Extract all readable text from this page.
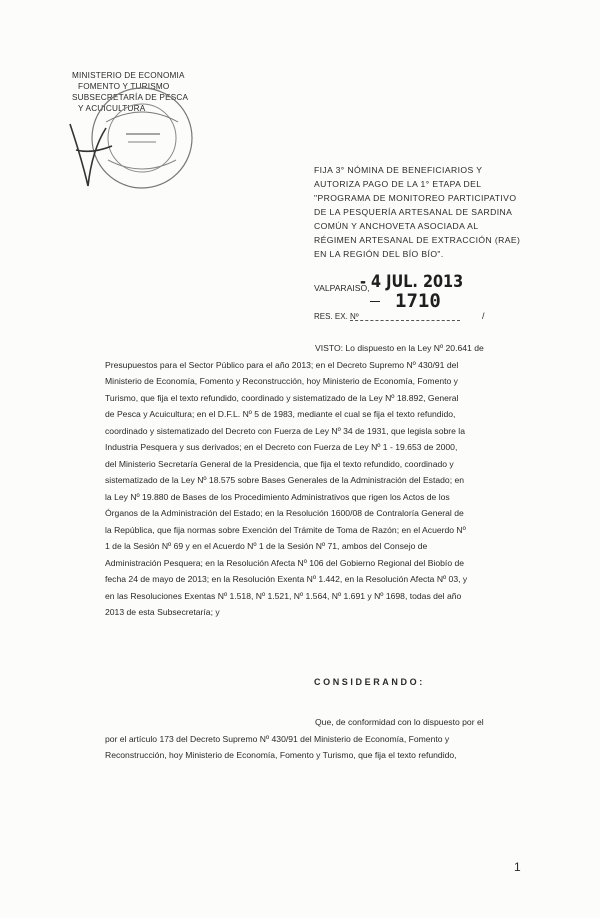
MINISTERIO DE ECONOMIA
FOMENTO Y TURISMO
SUBSECRETARÍA DE PESCA
Y ACUICULTURA
FIJA 3° NÓMINA DE BENEFICIARIOS Y
AUTORIZA PAGO DE LA 1° ETAPA DEL
"PROGRAMA DE MONITOREO PARTICIPATIVO
DE LA PESQUERÍA ARTESANAL DE SARDINA
COMÚN Y ANCHOVETA ASOCIADA AL
RÉGIMEN ARTESANAL DE EXTRACCIÓN (RAE)
EN LA REGIÓN DEL BÍO BÍO".
VALPARAISO,
- 4 JUL. 2013
1710
RES. EX. Nº	/
VISTO: Lo dispuesto en la Ley Nº 20.641 de
Presupuestos para el Sector Público para el año 2013; en el Decreto Supremo Nº 430/91 del
Ministerio de Economía, Fomento y Reconstrucción, hoy Ministerio de Economía, Fomento y
Turismo, que fija el texto refundido, coordinado y sistematizado de la Ley Nº 18.892, General
de Pesca y Acuicultura; en el D.F.L. Nº 5 de 1983, mediante el cual se fija el texto refundido,
coordinado y sistematizado del Decreto con Fuerza de Ley Nº 34 de 1931, que legisla sobre la
Industria Pesquera y sus derivados; en el Decreto con Fuerza de Ley Nº 1 - 19.653 de 2000,
del Ministerio Secretaría General de la Presidencia, que fija el texto refundido, coordinado y
sistematizado de la Ley Nº 18.575 sobre Bases Generales de la Administración del Estado; en
la Ley Nº 19.880 de Bases de los Procedimiento Administrativos que rigen los Actos de los
Órganos de la Administración del Estado; en la Resolución 1600/08 de Contraloría General de
la República, que fija normas sobre Exención del Trámite de Toma de Razón; en el Acuerdo Nº
1 de la Sesión Nº 69 y en el Acuerdo Nº 1 de la Sesión Nº 71, ambos del Consejo de
Administración Pesquera; en la Resolución Afecta Nº 106 del Gobierno Regional del Biobío de
fecha 24 de mayo de 2013; en la Resolución Exenta Nº 1.442, en la Resolución Afecta Nº 03, y
en las Resoluciones Exentas Nº 1.518, Nº 1.521, Nº 1.564, Nº 1.691 y Nº 1698, todas del año
2013 de esta Subsecretaría; y
CONSIDERANDO:
Que, de conformidad con lo dispuesto por el
por el artículo 173 del Decreto Supremo Nº 430/91 del Ministerio de Economía, Fomento y
Reconstrucción, hoy Ministerio de Economía, Fomento y Turismo, que fija el texto refundido,
1
